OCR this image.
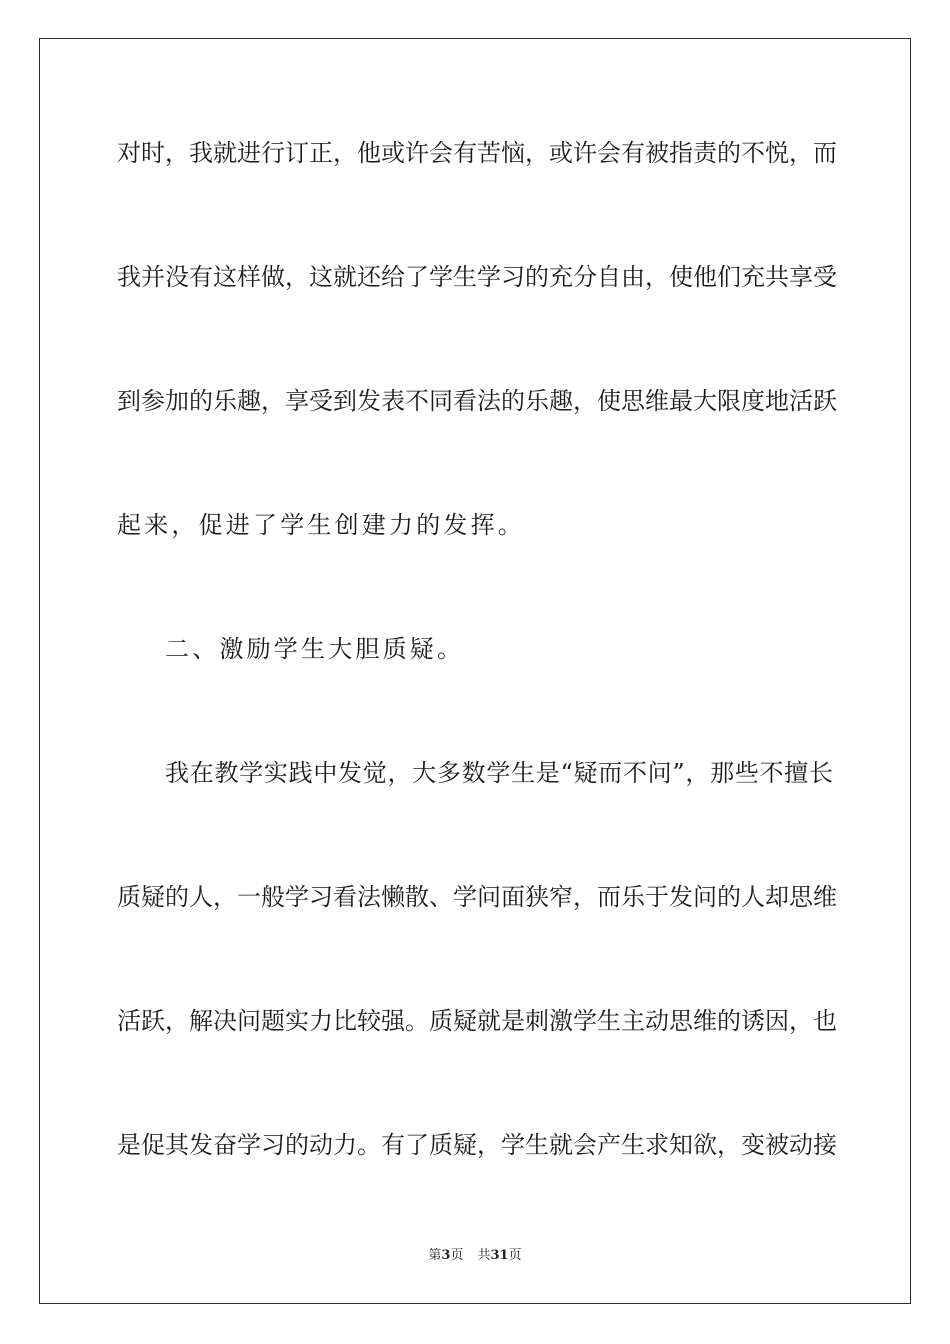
对时，我就进行订正，他或许会有苦恼，或许会有被指责的不悦，而
我并没有这样做，这就还给了学生学习的充分自由，使他们充共享受
到参加的乐趣，享受到发表不同看法的乐趣，使思维最大限度地活跃
起来，促进了学生创建力的发挥。
二、激励学生大胆质疑。
我在教学实践中发觉，大多数学生是“疑而不问”，那些不擅长
质疑的人，一般学习看法懒散、学问面狭窄，而乐于发问的人却思维
活跃，解决问题实力比较强。质疑就是刺激学生主动思维的诱因，也
是促其发奋学习的动力。有了质疑，学生就会产生求知欲，变被动接
第3页 共31页
